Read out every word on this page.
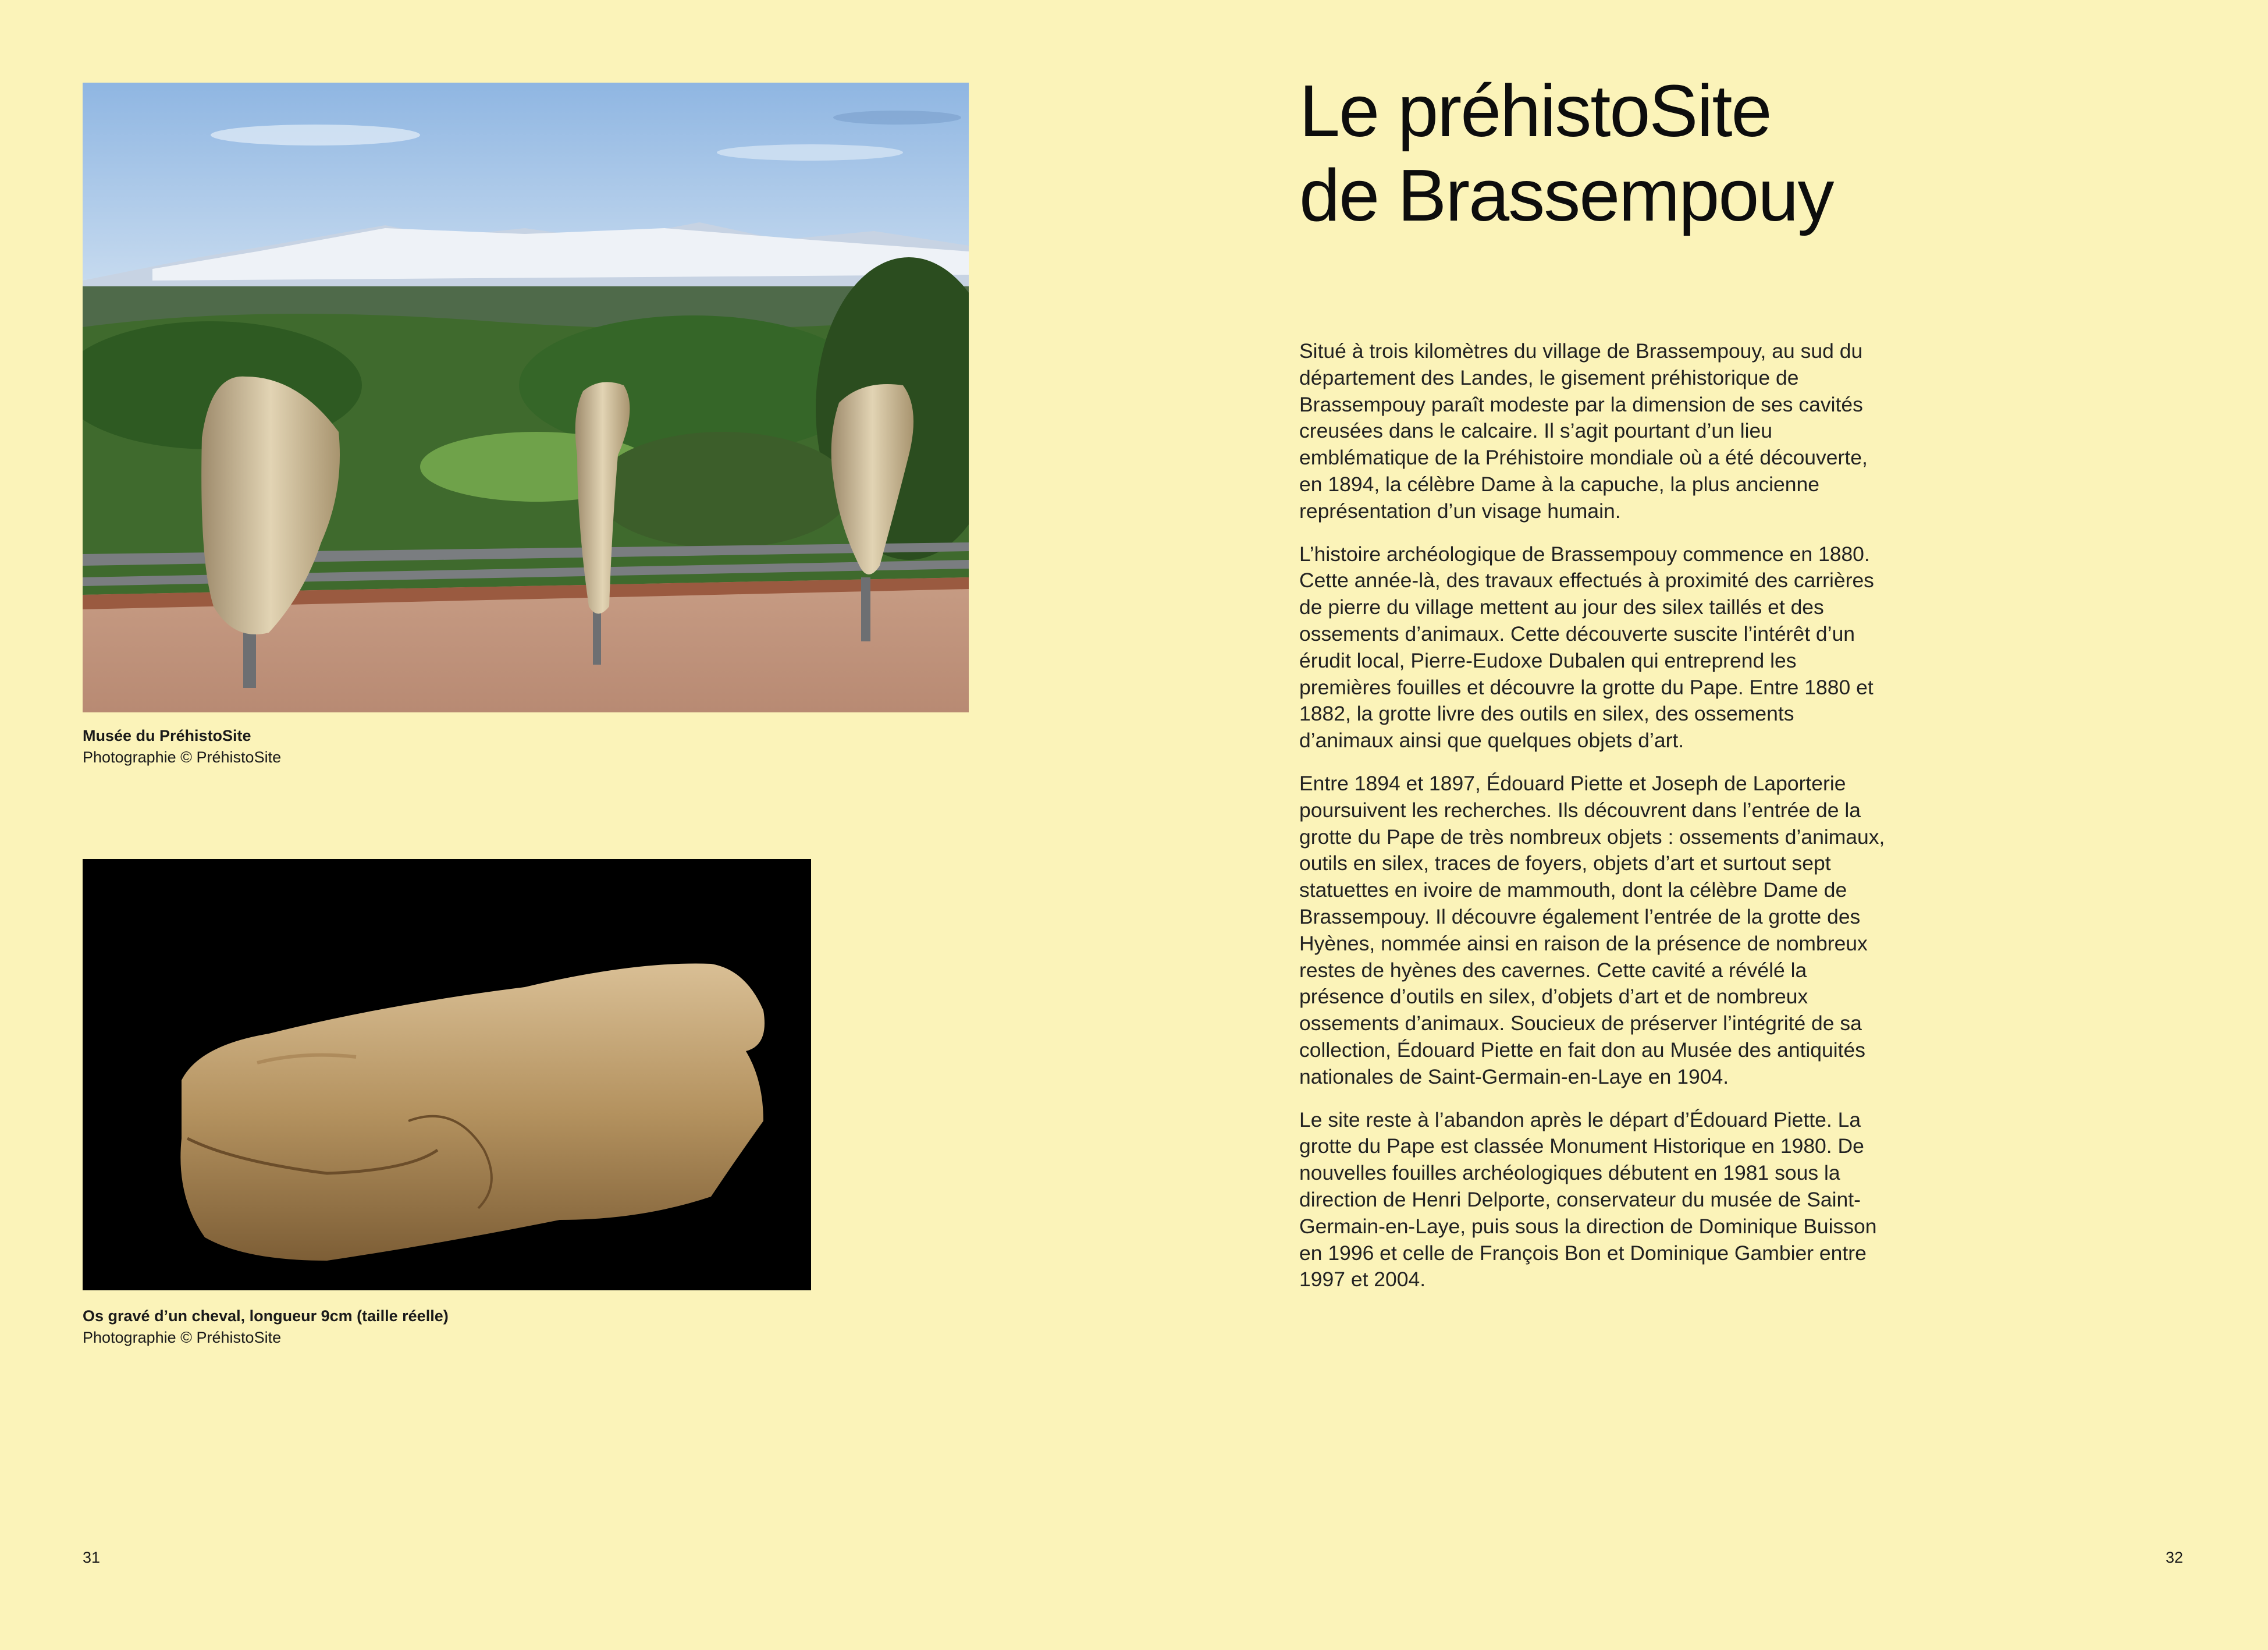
Musée du PréhistoSite
Photographie © PréhistoSite
Os gravé d’un cheval, longueur 9cm (taille réelle)
Photographie © PréhistoSite
31
Le préhistoSite
de Brassempouy

Situé à trois kilomètres du village de Brassempouy, au sud du département des Landes, le gisement préhistorique de Brassempouy paraît modeste par la dimension de ses cavités creusées dans le calcaire. Il s’agit pourtant d’un lieu emblématique de la Préhistoire mondiale où a été découverte, en 1894, la célèbre Dame à la capuche, la plus ancienne représentation d’un visage humain.

L’histoire archéologique de Brassempouy commence en 1880. Cette année-là, des travaux effectués à proximité des carrières de pierre du village mettent au jour des silex taillés et des ossements d’animaux. Cette découverte suscite l’intérêt d’un érudit local, Pierre-Eudoxe Dubalen qui entreprend les premières fouilles et découvre la grotte du Pape. Entre 1880 et 1882, la grotte livre des outils en silex, des ossements d’animaux ainsi que quelques objets d’art.

Entre 1894 et 1897, Édouard Piette et Joseph de Laporterie poursuivent les recherches. Ils découvrent dans l’entrée de la grotte du Pape de très nombreux objets : ossements d’animaux, outils en silex, traces de foyers, objets d’art et surtout sept statuettes en ivoire de mammouth, dont la célèbre Dame de Brassempouy. Il découvre également l’entrée de la grotte des Hyènes, nommée ainsi en raison de la présence de nombreux restes de hyènes des cavernes. Cette cavité a révélé la présence d’outils en silex, d’objets d’art et de nombreux ossements d’animaux. Soucieux de préserver l’intégrité de sa collection, Édouard Piette en fait don au Musée des antiquités nationales de Saint-Germain-en-Laye en 1904.

Le site reste à l’abandon après le départ d’Édouard Piette. La grotte du Pape est classée Monument Historique en 1980. De nouvelles fouilles archéologiques débutent en 1981 sous la direction de Henri Delporte, conservateur du musée de Saint-Germain-en-Laye, puis sous la direction de Dominique Buisson en 1996 et celle de François Bon et Dominique Gambier entre 1997 et 2004.

32
